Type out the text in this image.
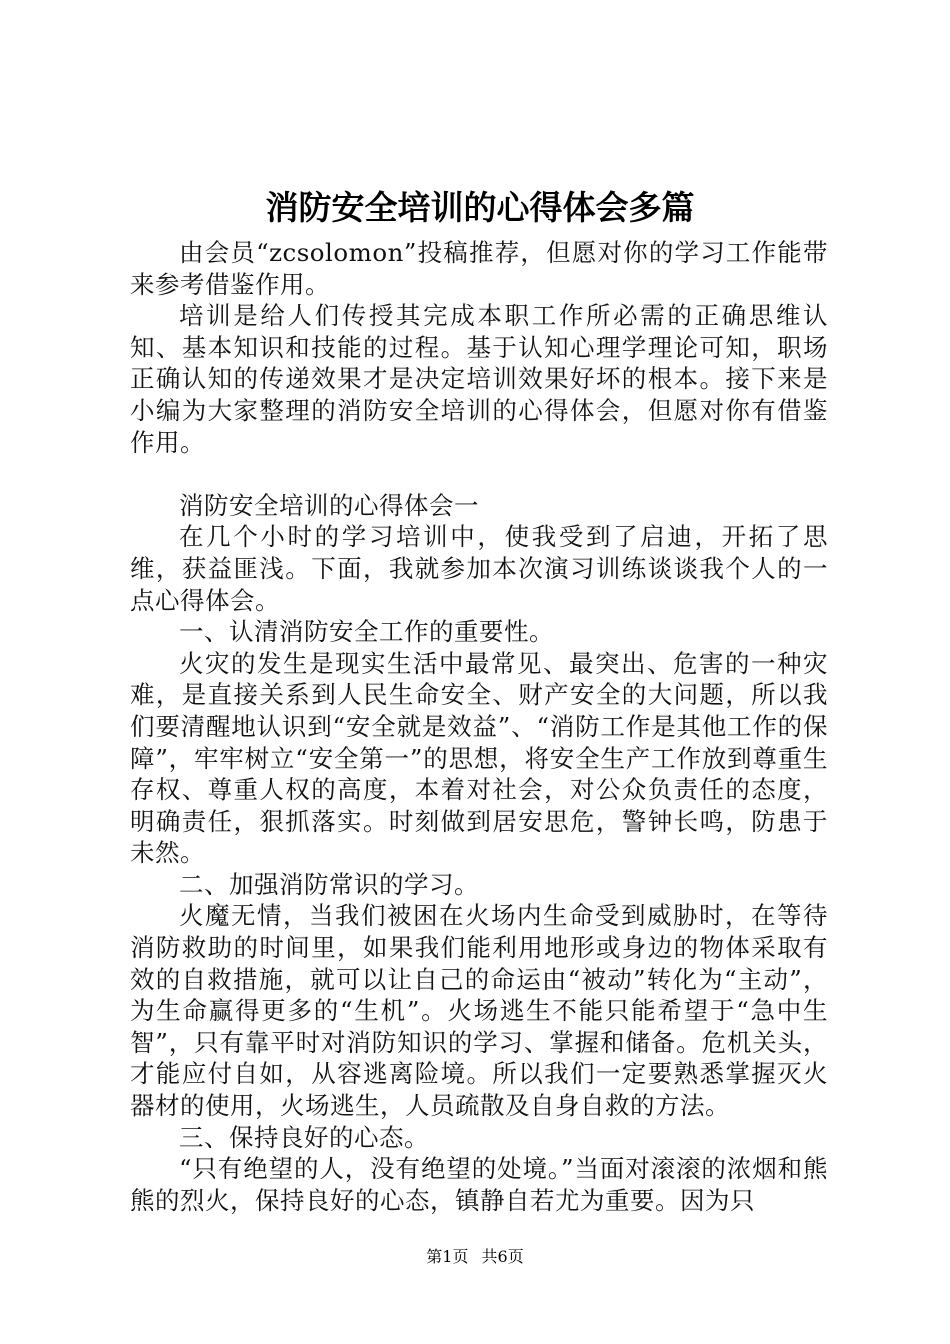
消防安全培训的心得体会多篇

由会员“zcsolomon”投稿推荐，但愿对你的学习工作能带来参考借鉴作用。

培训是给人们传授其完成本职工作所必需的正确思维认知、基本知识和技能的过程。基于认知心理学理论可知，职场正确认知的传递效果才是决定培训效果好坏的根本。接下来是小编为大家整理的消防安全培训的心得体会，但愿对你有借鉴作用。

消防安全培训的心得体会一

在几个小时的学习培训中，使我受到了启迪，开拓了思维，获益匪浅。下面，我就参加本次演习训练谈谈我个人的一点心得体会。

一、认清消防安全工作的重要性。

火灾的发生是现实生活中最常见、最突出、危害的一种灾难，是直接关系到人民生命安全、财产安全的大问题，所以我们要清醒地认识到“安全就是效益”、“消防工作是其他工作的保障”，牢牢树立“安全第一”的思想，将安全生产工作放到尊重生存权、尊重人权的高度，本着对社会，对公众负责任的态度，明确责任，狠抓落实。时刻做到居安思危，警钟长鸣，防患于未然。

二、加强消防常识的学习。

火魔无情，当我们被困在火场内生命受到威胁时，在等待消防救助的时间里，如果我们能利用地形或身边的物体采取有效的自救措施，就可以让自己的命运由“被动”转化为“主动”，为生命赢得更多的“生机”。火场逃生不能只能希望于“急中生智”，只有靠平时对消防知识的学习、掌握和储备。危机关头，才能应付自如，从容逃离险境。所以我们一定要熟悉掌握灭火器材的使用，火场逃生，人员疏散及自身自救的方法。

三、保持良好的心态。

“只有绝望的人，没有绝望的处境。”当面对滚滚的浓烟和熊熊的烈火，保持良好的心态，镇静自若尤为重要。因为只

第1页 共6页
